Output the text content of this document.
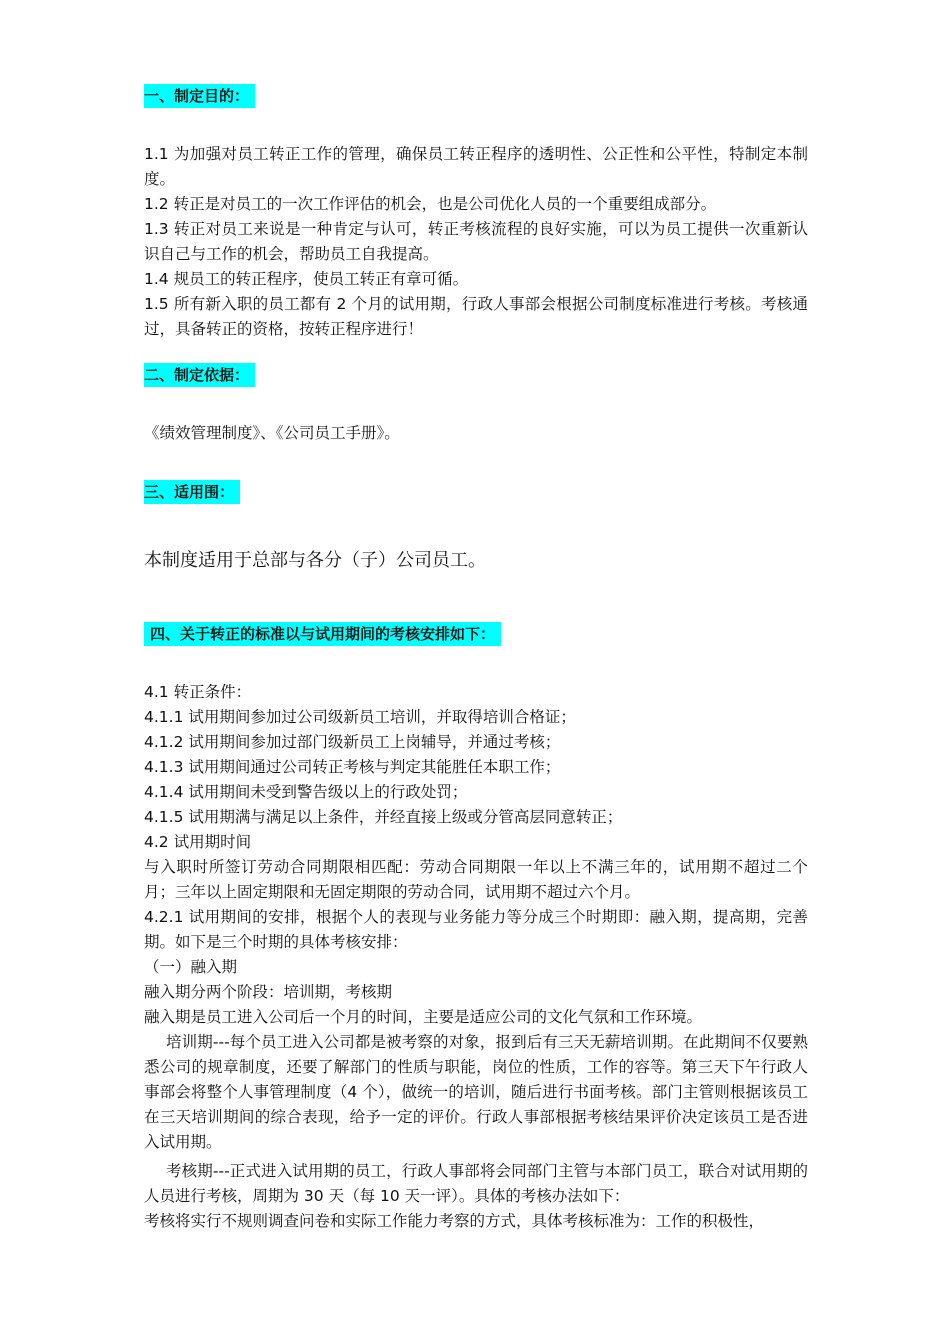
一、制定目的：
1.1 为加强对员工转正工作的管理，确保员工转正程序的透明性、公正性和公平性，特制定本制度。
1.2 转正是对员工的一次工作评估的机会，也是公司优化人员的一个重要组成部分。
1.3 转正对员工来说是一种肯定与认可，转正考核流程的良好实施，可以为员工提供一次重新认识自己与工作的机会，帮助员工自我提高。
1.4 规员工的转正程序，使员工转正有章可循。
1.5 所有新入职的员工都有 2 个月的试用期，行政人事部会根据公司制度标准进行考核。考核通过，具备转正的资格，按转正程序进行！
二、制定依据：
《绩效管理制度》、《公司员工手册》。
三、适用围：
本制度适用于总部与各分（子）公司员工。
四、关于转正的标准以与试用期间的考核安排如下：
4.1 转正条件：
4.1.1 试用期间参加过公司级新员工培训，并取得培训合格证；
4.1.2 试用期间参加过部门级新员工上岗辅导，并通过考核；
4.1.3 试用期间通过公司转正考核与判定其能胜任本职工作；
4.1.4 试用期间未受到警告级以上的行政处罚；
4.1.5 试用期满与满足以上条件，并经直接上级或分管高层同意转正；
4.2 试用期时间
与入职时所签订劳动合同期限相匹配：劳动合同期限一年以上不满三年的，试用期不超过二个月；三年以上固定期限和无固定期限的劳动合同，试用期不超过六个月。
4.2.1 试用期间的安排，根据个人的表现与业务能力等分成三个时期即：融入期，提高期，完善期。如下是三个时期的具体考核安排：
（一）融入期
融入期分两个阶段：培训期，考核期
融入期是员工进入公司后一个月的时间，主要是适应公司的文化气氛和工作环境。
培训期---每个员工进入公司都是被考察的对象，报到后有三天无薪培训期。在此期间不仅要熟悉公司的规章制度，还要了解部门的性质与职能，岗位的性质，工作的容等。第三天下午行政人事部会将整个人事管理制度（4 个），做统一的培训，随后进行书面考核。部门主管则根据该员工在三天培训期间的综合表现，给予一定的评价。行政人事部根据考核结果评价决定该员工是否进入试用期。
考核期---正式进入试用期的员工，行政人事部将会同部门主管与本部门员工，联合对试用期的人员进行考核，周期为 30 天（每 10 天一评）。具体的考核办法如下：
考核将实行不规则调查问卷和实际工作能力考察的方式，具体考核标准为：工作的积极性，
